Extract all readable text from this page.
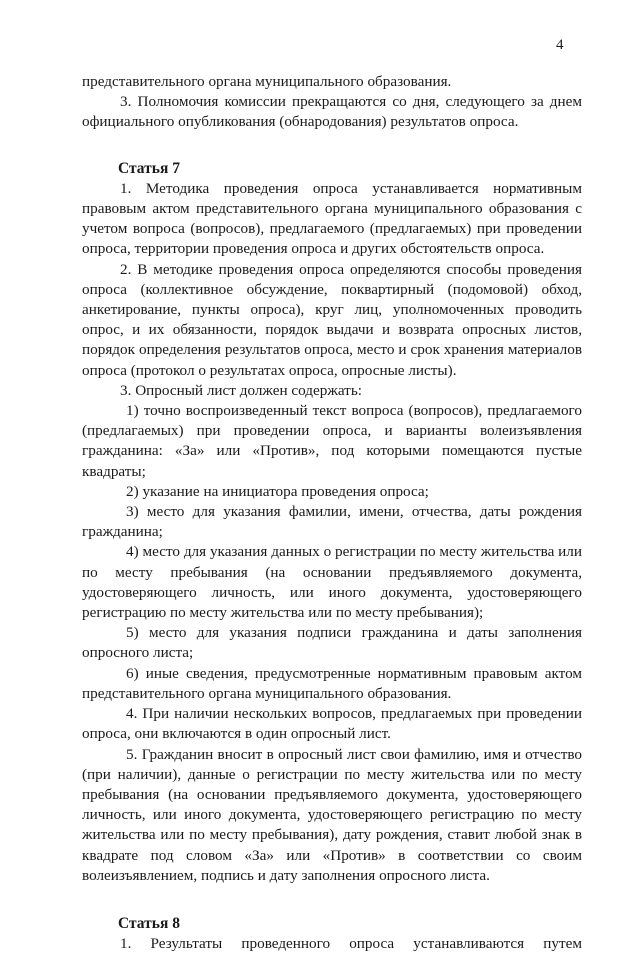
4

представительного органа муниципального образования.

3. Полномочия комиссии прекращаются со дня, следующего за днем официального опубликования (обнародования) результатов опроса.

Статья 7

1. Методика проведения опроса устанавливается нормативным правовым актом представительного органа муниципального образования с учетом вопроса (вопросов), предлагаемого (предлагаемых) при проведении опроса, территории проведения опроса и других обстоятельств опроса.

2. В методике проведения опроса определяются способы проведения опроса (коллективное обсуждение, поквартирный (подомовой) обход, анкетирование, пункты опроса), круг лиц, уполномоченных проводить опрос, и их обязанности, порядок выдачи и возврата опросных листов, порядок определения результатов опроса, место и срок хранения материалов опроса (протокол о результатах опроса, опросные листы).

3. Опросный лист должен содержать:

1) точно воспроизведенный текст вопроса (вопросов), предлагаемого (предлагаемых) при проведении опроса, и варианты волеизъявления гражданина: «За» или «Против», под которыми помещаются пустые квадраты;

2) указание на инициатора проведения опроса;

3) место для указания фамилии, имени, отчества, даты рождения гражданина;

4) место для указания данных о регистрации по месту жительства или по месту пребывания (на основании предъявляемого документа, удостоверяющего личность, или иного документа, удостоверяющего регистрацию по месту жительства или по месту пребывания);

5) место для указания подписи гражданина и даты заполнения опросного листа;

6) иные сведения, предусмотренные нормативным правовым актом представительного органа муниципального образования.

4. При наличии нескольких вопросов, предлагаемых при проведении опроса, они включаются в один опросный лист.

5. Гражданин вносит в опросный лист свои фамилию, имя и отчество (при наличии), данные о регистрации по месту жительства или по месту пребывания (на основании предъявляемого документа, удостоверяющего личность, или иного документа, удостоверяющего регистрацию по месту жительства или по месту пребывания), дату рождения, ставит любой знак в квадрате под словом «За» или «Против» в соответствии со своим волеизъявлением, подпись и дату заполнения опросного листа.

Статья 8

1. Результаты проведенного опроса устанавливаются путем
